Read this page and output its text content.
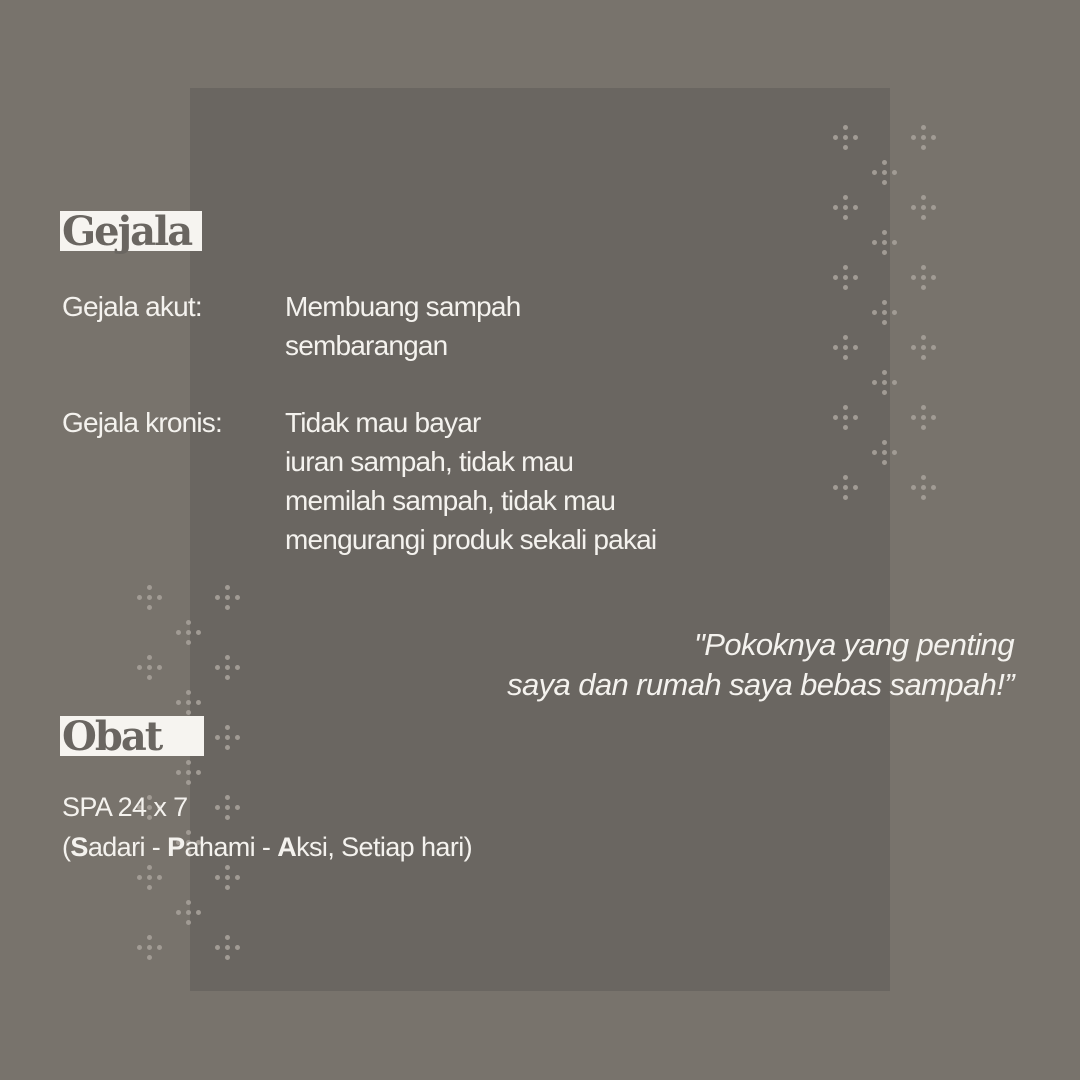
Gejala
Gejala akut:	Membuang sampah
sembarangan
Gejala kronis: Tidak mau bayar
iuran sampah, tidak mau
memilah sampah, tidak mau
mengurangi produk sekali pakai
"Pokoknya yang penting
saya dan rumah saya bebas sampah!”
Obat
SPA 24 x 7
(Sadari - Pahami - Aksi, Setiap hari)
